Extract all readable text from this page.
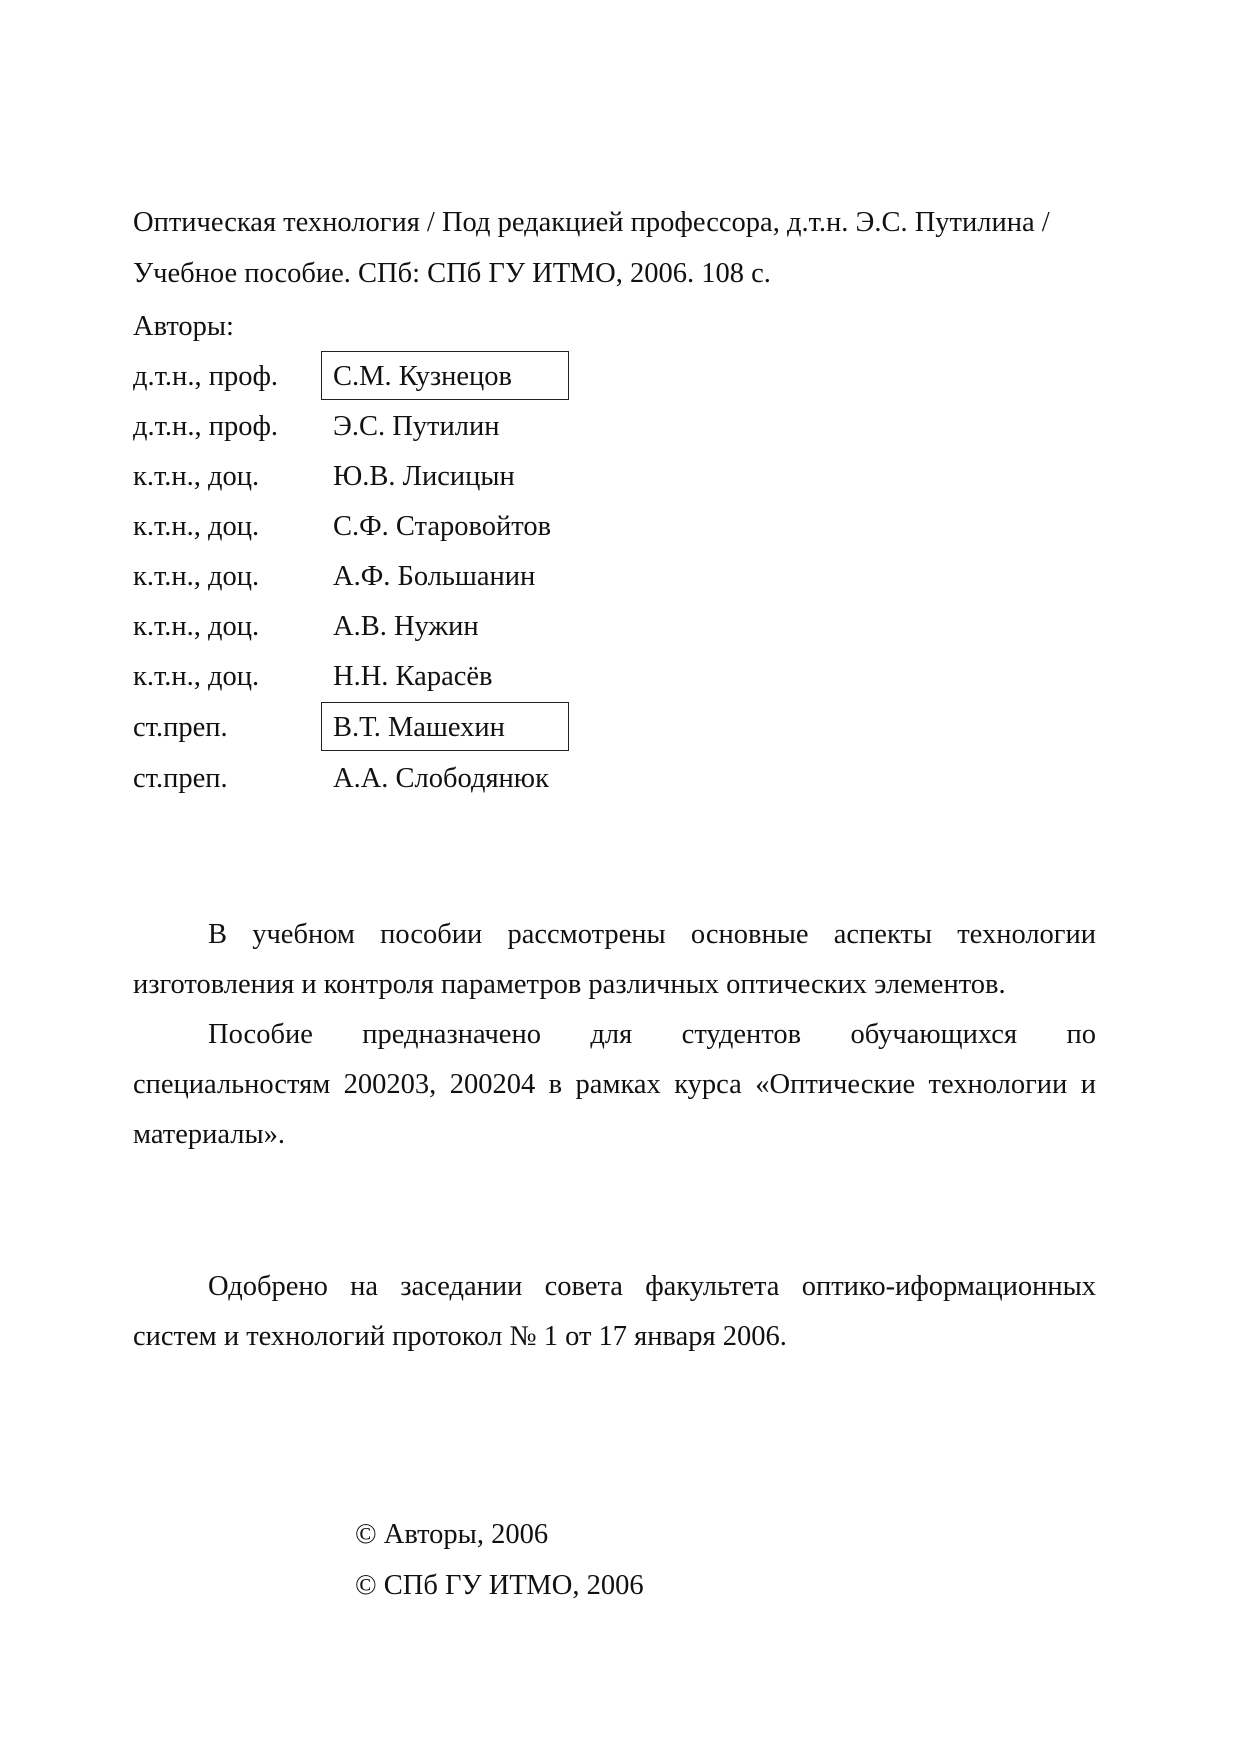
Оптическая технология / Под редакцией профессора, д.т.н. Э.С. Путилина /
Учебное пособие. СПб: СПб ГУ ИТМО, 2006. 108 с.
Авторы:
д.т.н., проф. С.М. Кузнецов
д.т.н., проф. Э.С. Путилин
к.т.н., доц.	Ю.В. Лисицын
к.т.н., доц.	С.Ф. Старовойтов
к.т.н., доц.	А.Ф. Большанин
к.т.н., доц.	А.В. Нужин
к.т.н., доц.	Н.Н. Карасёв
ст.преп.	В.Т. Машехин
ст.преп.	А.А. Слободянюк
В учебном пособии рассмотрены основные аспекты технологии
изготовления и контроля параметров различных оптических элементов.
Пособие предназначено для студентов обучающихся по
специальностям 200203, 200204 в рамках курса «Оптические технологии и
материалы».
Одобрено на заседании совета факультета оптико-иформационных
систем и технологий протокол № 1 от 17 января 2006.
© Авторы, 2006
© СПб ГУ ИТМО, 2006
